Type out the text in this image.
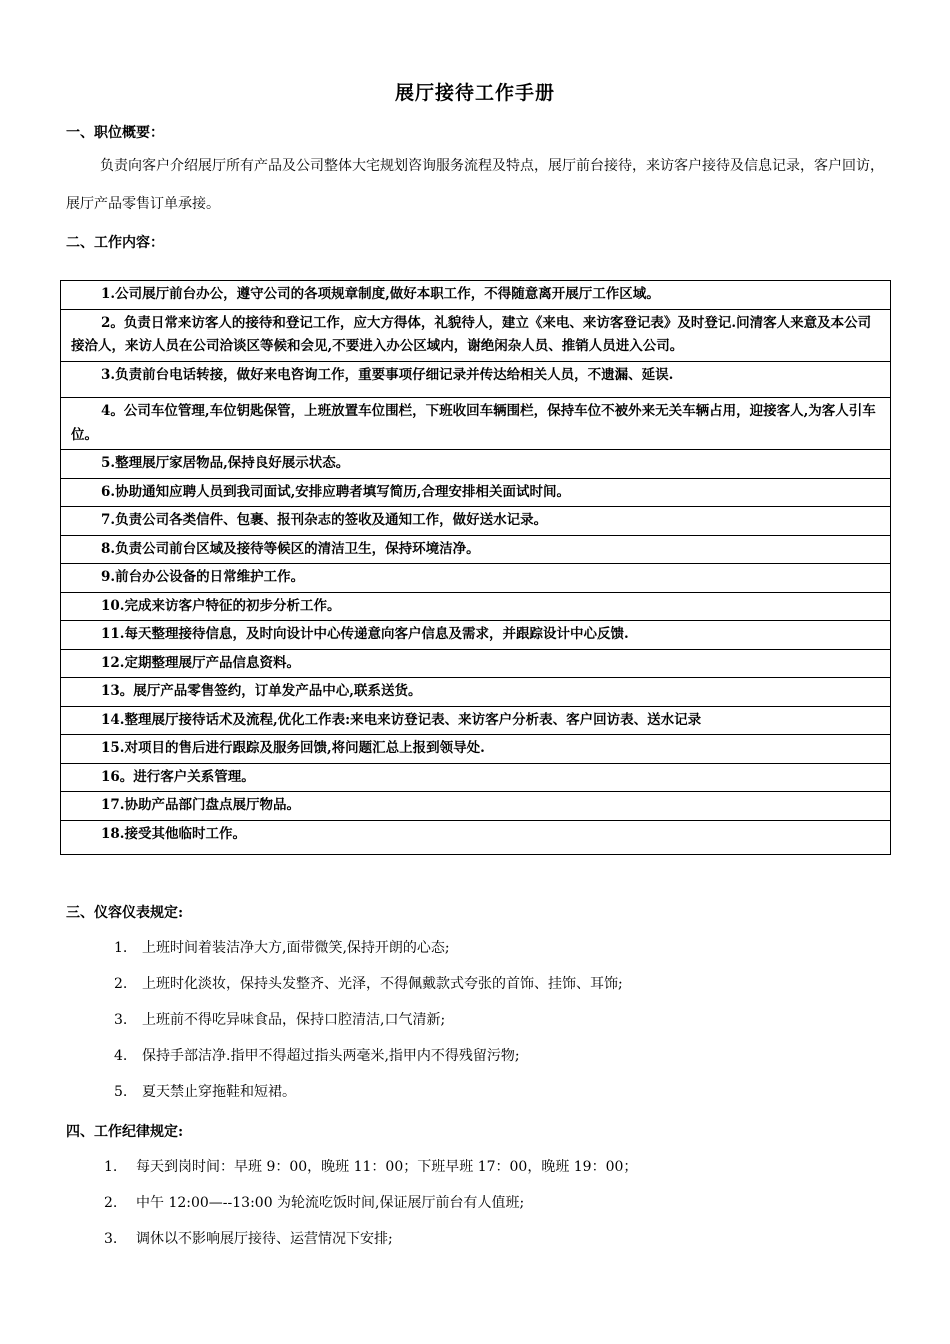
展厅接待工作手册
一、职位概要：
负责向客户介绍展厅所有产品及公司整体大宅规划咨询服务流程及特点，展厅前台接待，来访客户接待及信息记录，客户回访，展厅产品零售订单承接。
二、工作内容：
1.公司展厅前台办公，遵守公司的各项规章制度,做好本职工作，不得随意离开展厅工作区域。
2。负责日常来访客人的接待和登记工作，应大方得体，礼貌待人，建立《来电、来访客登记表》及时登记.问清客人来意及本公司接洽人，来访人员在公司洽谈区等候和会见,不要进入办公区域内，谢绝闲杂人员、推销人员进入公司。
3.负责前台电话转接，做好来电咨询工作，重要事项仔细记录并传达给相关人员，不遗漏、延误.
4。公司车位管理,车位钥匙保管，上班放置车位围栏，下班收回车辆围栏，保持车位不被外来无关车辆占用，迎接客人,为客人引车位。
5.整理展厅家居物品,保持良好展示状态。
6.协助通知应聘人员到我司面试,安排应聘者填写简历,合理安排相关面试时间。
7.负责公司各类信件、包裹、报刊杂志的签收及通知工作，做好送水记录。
8.负责公司前台区域及接待等候区的清洁卫生，保持环境洁净。
9.前台办公设备的日常维护工作。
10.完成来访客户特征的初步分析工作。
11.每天整理接待信息，及时向设计中心传递意向客户信息及需求，并跟踪设计中心反馈.
12.定期整理展厅产品信息资料。
13。展厅产品零售签约，订单发产品中心,联系送货。
14.整理展厅接待话术及流程,优化工作表:来电来访登记表、来访客户分析表、客户回访表、送水记录
15.对项目的售后进行跟踪及服务回馈,将问题汇总上报到领导处.
16。进行客户关系管理。
17.协助产品部门盘点展厅物品。
18.接受其他临时工作。
三、仪容仪表规定:
1. 上班时间着装洁净大方,面带微笑,保持开朗的心态;
2. 上班时化淡妆，保持头发整齐、光泽，不得佩戴款式夸张的首饰、挂饰、耳饰;
3. 上班前不得吃异味食品，保持口腔清洁,口气清新;
4. 保持手部洁净.指甲不得超过指头两毫米,指甲内不得残留污物;
5. 夏天禁止穿拖鞋和短裙。
四、工作纪律规定:
1. 每天到岗时间：早班 9：00，晚班 11：00；下班早班 17：00，晚班 19：00；
2. 中午 12:00—--13:00 为轮流吃饭时间,保证展厅前台有人值班;
3. 调休以不影响展厅接待、运营情况下安排;
